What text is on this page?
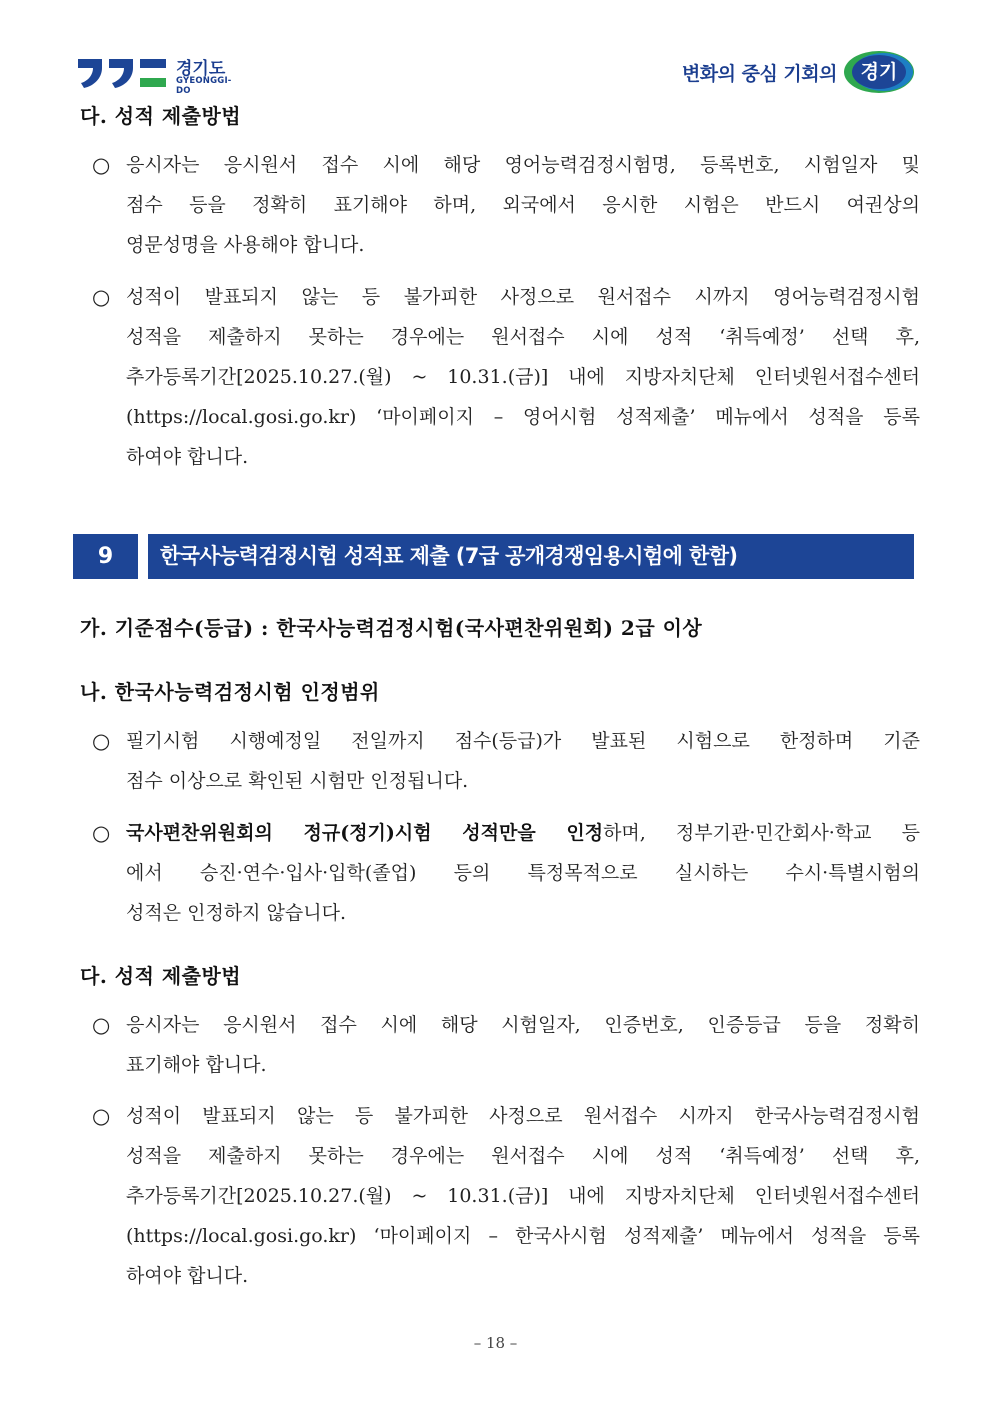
경기도
GYEONGGI-DO
변화의 중심 기회의	경기
다. 성적 제출방법
○ 응시자는 응시원서 접수 시에 해당 영어능력검정시험명, 등록번호, 시험일자 및
점수 등을 정확히 표기해야 하며, 외국에서 응시한 시험은 반드시 여권상의
영문성명을 사용해야 합니다.
○ 성적이 발표되지 않는 등 불가피한 사정으로 원서접수 시까지 영어능력검정시험
성적을 제출하지 못하는 경우에는 원서접수 시에 성적 ‘취득예정’ 선택 후,
추가등록기간[2025.10.27.(월) ~ 10.31.(금)] 내에 지방자치단체 인터넷원서접수센터
(https://local.gosi.go.kr) ‘마이페이지 – 영어시험 성적제출’ 메뉴에서 성적을 등록
하여야 합니다.
9	한국사능력검정시험 성적표 제출 (7급 공개경쟁임용시험에 한함)
가. 기준점수(등급) : 한국사능력검정시험(국사편찬위원회) 2급 이상
나. 한국사능력검정시험 인정범위
○ 필기시험 시행예정일 전일까지 점수(등급)가 발표된 시험으로 한정하며 기준
점수 이상으로 확인된 시험만 인정됩니다.
○ 국사편찬위원회의 정규(정기)시험 성적만을 인정하며, 정부기관·민간회사·학교 등
에서 승진·연수·입사·입학(졸업) 등의 특정목적으로 실시하는 수시·특별시험의
성적은 인정하지 않습니다.
다. 성적 제출방법
○ 응시자는 응시원서 접수 시에 해당 시험일자, 인증번호, 인증등급 등을 정확히
표기해야 합니다.
○ 성적이 발표되지 않는 등 불가피한 사정으로 원서접수 시까지 한국사능력검정시험
성적을 제출하지 못하는 경우에는 원서접수 시에 성적 ‘취득예정’ 선택 후,
추가등록기간[2025.10.27.(월) ~ 10.31.(금)] 내에 지방자치단체 인터넷원서접수센터
(https://local.gosi.go.kr) ‘마이페이지 – 한국사시험 성적제출’ 메뉴에서 성적을 등록
하여야 합니다.
– 18 –
